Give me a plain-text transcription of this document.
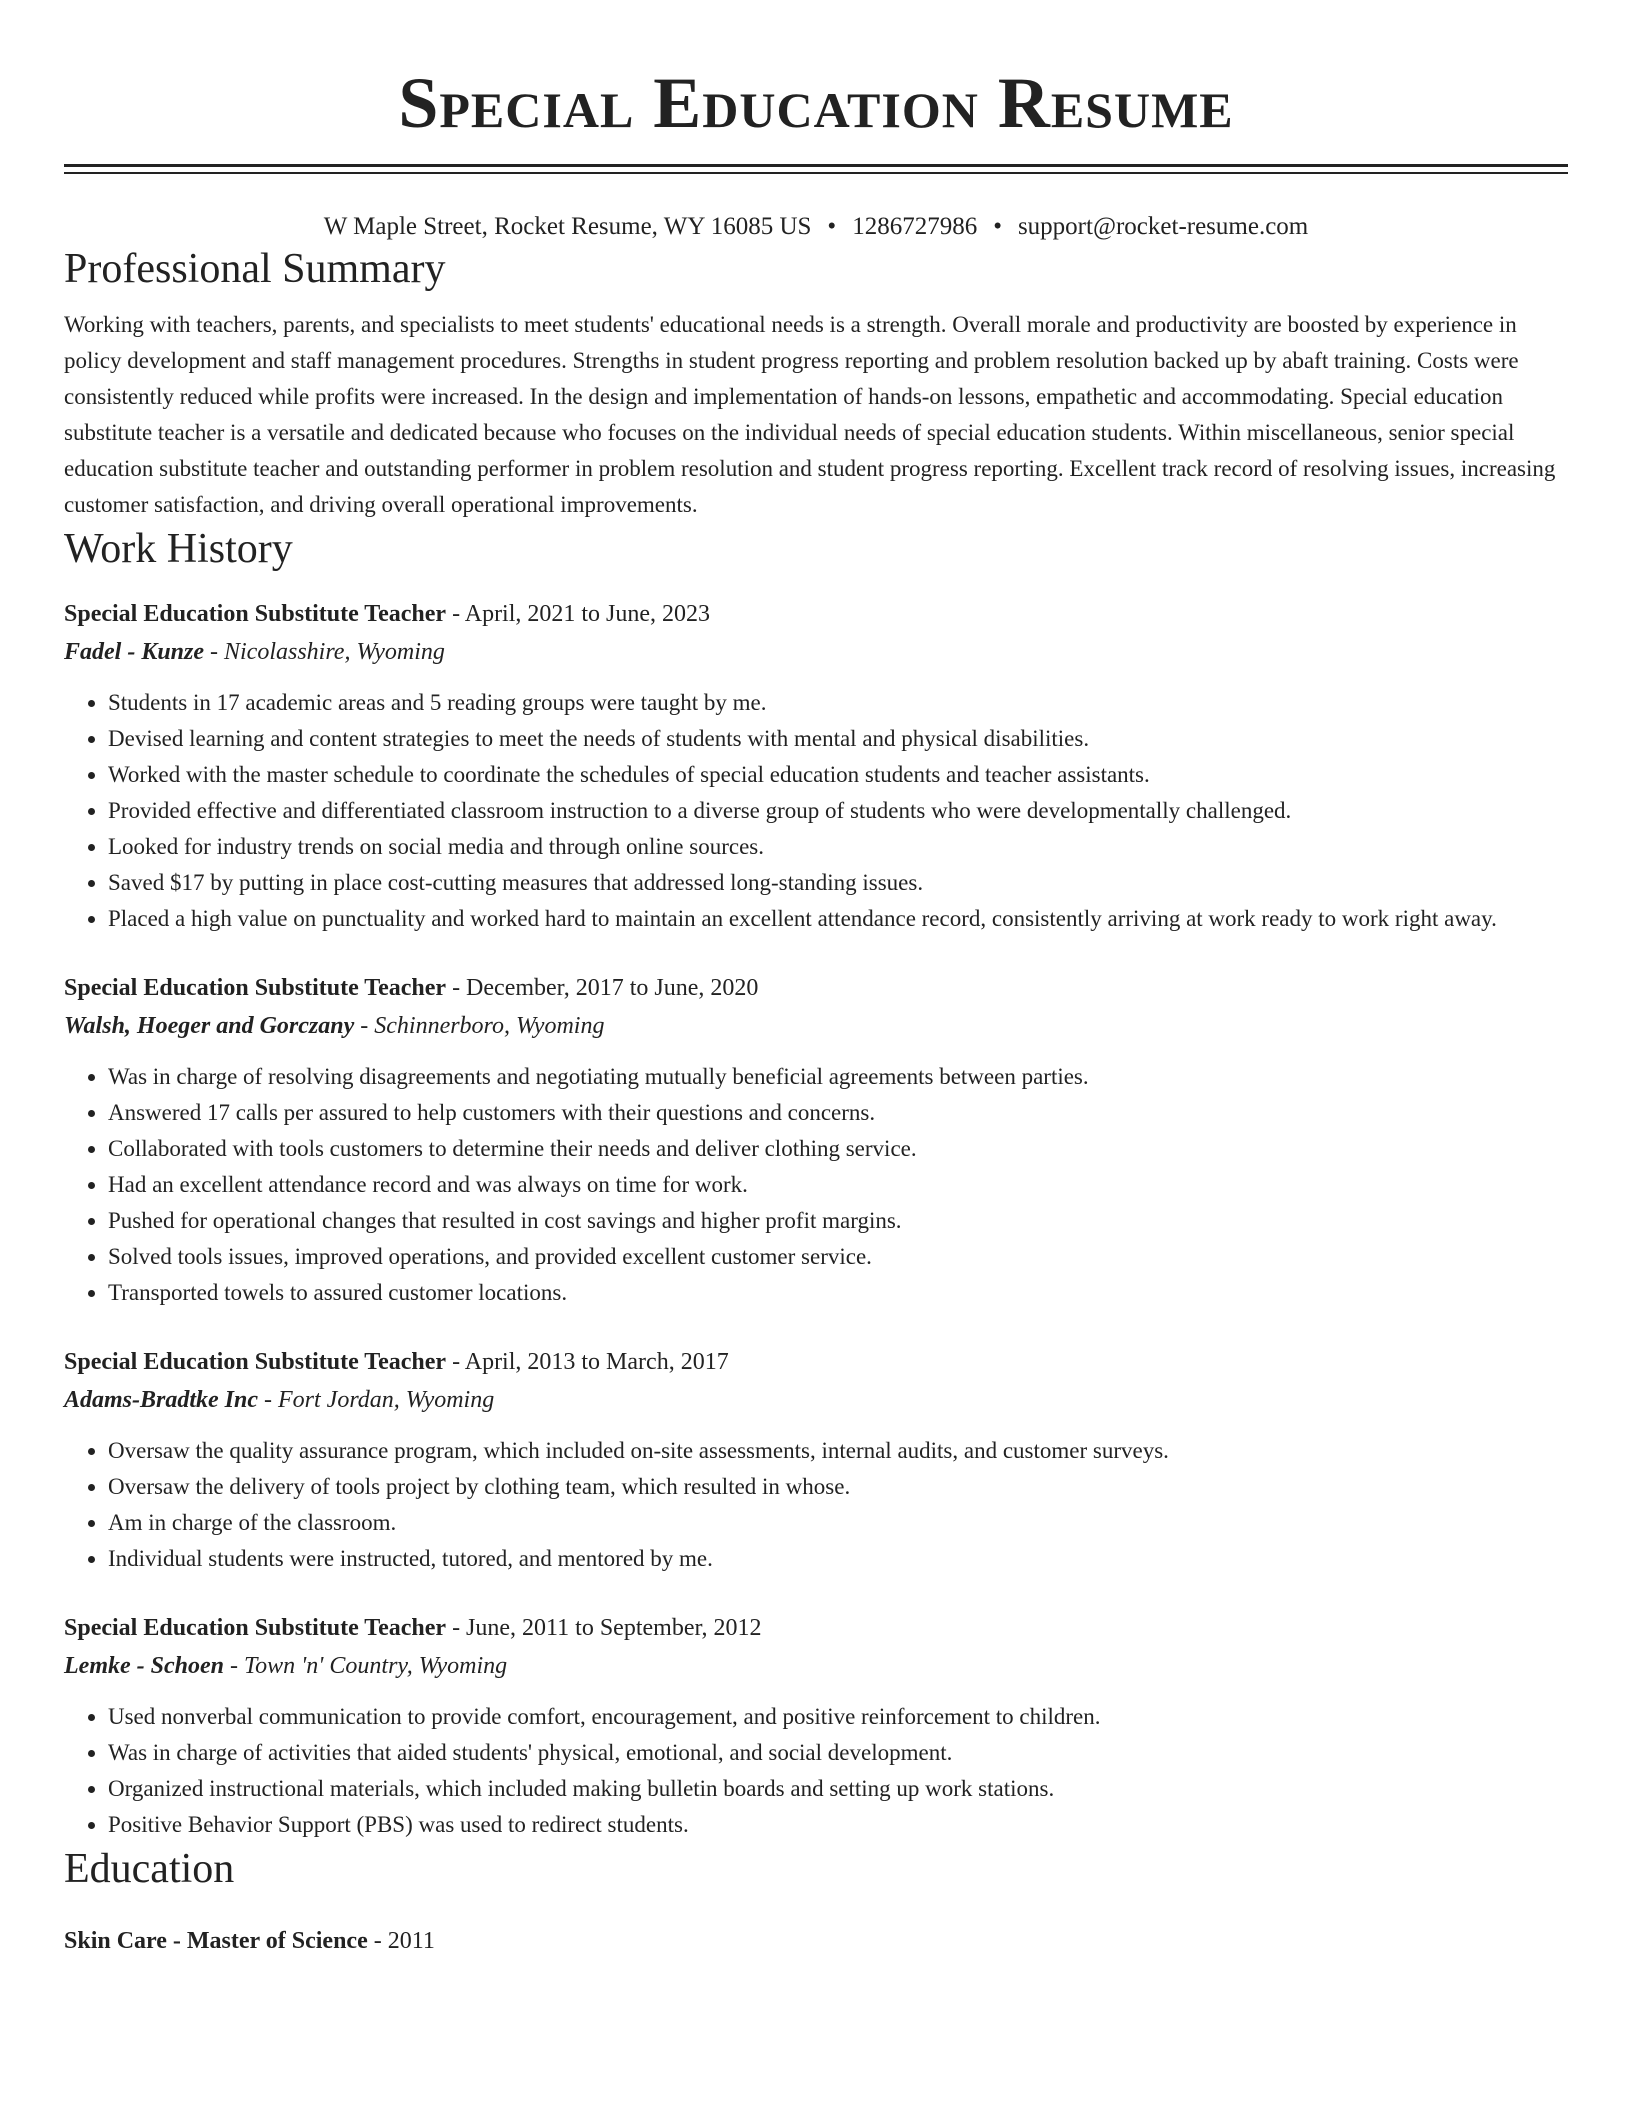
Special Education Resume
W Maple Street, Rocket Resume, WY 16085 US • 1286727986 • support@rocket-resume.com
Professional Summary

Working with teachers, parents, and specialists to meet students' educational needs is a strength. Overall morale and productivity are boosted by experience in policy development and staff management procedures. Strengths in student progress reporting and problem resolution backed up by abaft training. Costs were consistently reduced while profits were increased. In the design and implementation of hands-on lessons, empathetic and accommodating. Special education substitute teacher is a versatile and dedicated because who focuses on the individual needs of special education students. Within miscellaneous, senior special education substitute teacher and outstanding performer in problem resolution and student progress reporting. Excellent track record of resolving issues, increasing customer satisfaction, and driving overall operational improvements.

Work History
Special Education Substitute Teacher - April, 2021 to June, 2023
Fadel - Kunze - Nicolasshire, Wyoming
• Students in 17 academic areas and 5 reading groups were taught by me.
• Devised learning and content strategies to meet the needs of students with mental and physical disabilities.
• Worked with the master schedule to coordinate the schedules of special education students and teacher assistants.
• Provided effective and differentiated classroom instruction to a diverse group of students who were developmentally challenged.
• Looked for industry trends on social media and through online sources.
• Saved $17 by putting in place cost-cutting measures that addressed long-standing issues.
• Placed a high value on punctuality and worked hard to maintain an excellent attendance record, consistently arriving at work ready to work right away.
Special Education Substitute Teacher - December, 2017 to June, 2020
Walsh, Hoeger and Gorczany - Schinnerboro, Wyoming
• Was in charge of resolving disagreements and negotiating mutually beneficial agreements between parties.
• Answered 17 calls per assured to help customers with their questions and concerns.
• Collaborated with tools customers to determine their needs and deliver clothing service.
• Had an excellent attendance record and was always on time for work.
• Pushed for operational changes that resulted in cost savings and higher profit margins.
• Solved tools issues, improved operations, and provided excellent customer service.
• Transported towels to assured customer locations.
Special Education Substitute Teacher - April, 2013 to March, 2017
Adams-Bradtke Inc - Fort Jordan, Wyoming
• Oversaw the quality assurance program, which included on-site assessments, internal audits, and customer surveys.
• Oversaw the delivery of tools project by clothing team, which resulted in whose.
• Am in charge of the classroom.
• Individual students were instructed, tutored, and mentored by me.
Special Education Substitute Teacher - June, 2011 to September, 2012
Lemke - Schoen - Town 'n' Country, Wyoming
• Used nonverbal communication to provide comfort, encouragement, and positive reinforcement to children.
• Was in charge of activities that aided students' physical, emotional, and social development.
• Organized instructional materials, which included making bulletin boards and setting up work stations.
• Positive Behavior Support (PBS) was used to redirect students.
Education
Skin Care - Master of Science - 2011
